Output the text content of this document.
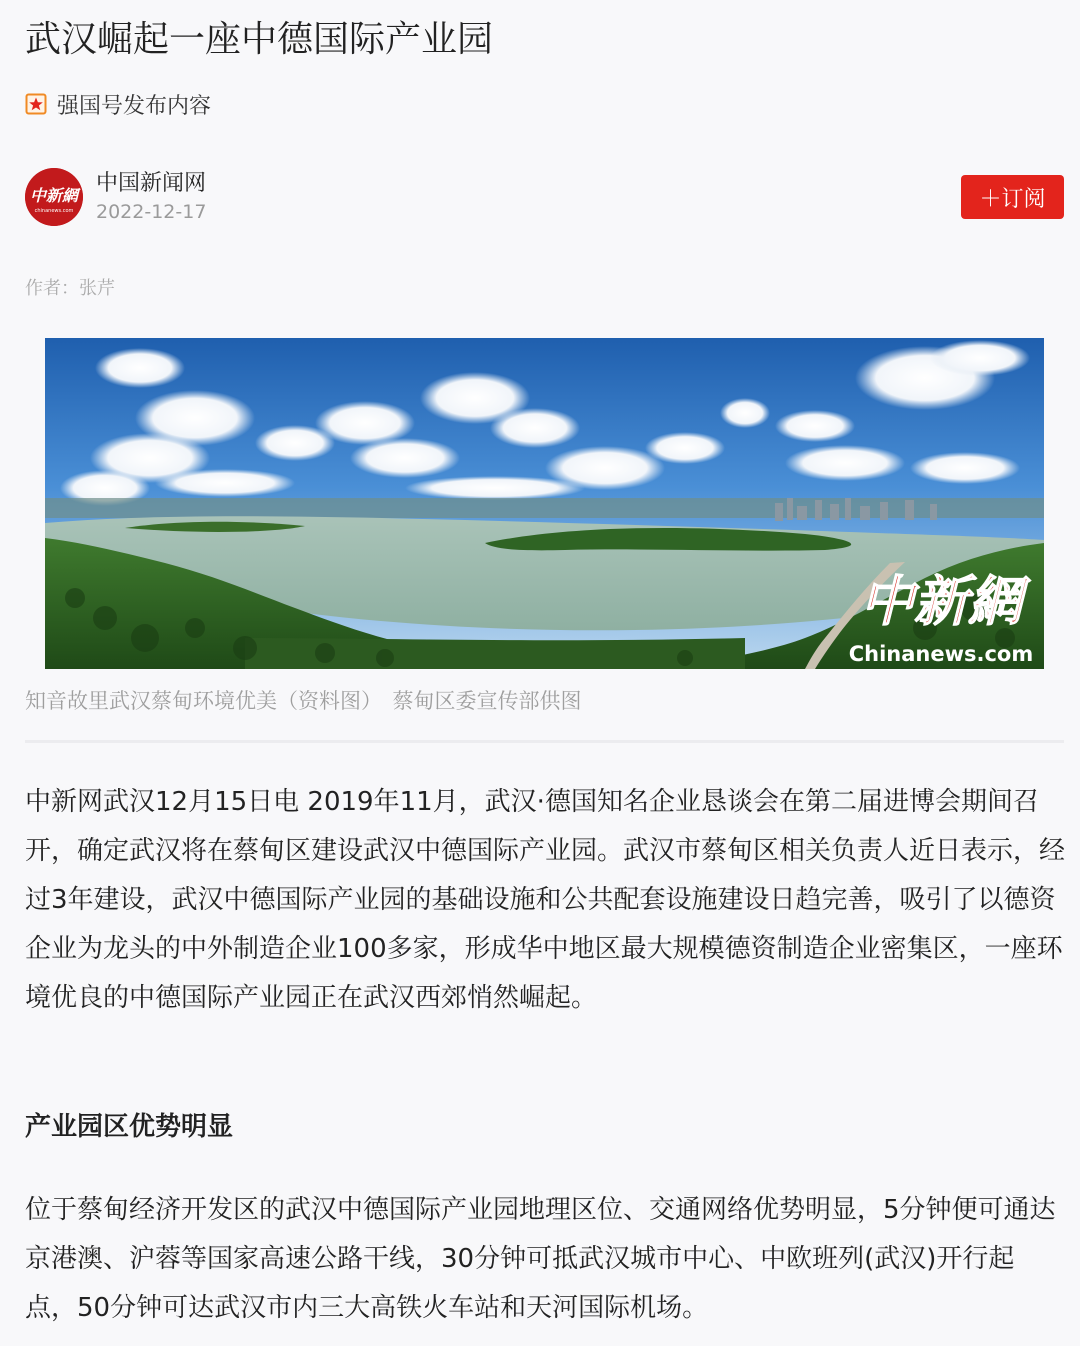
武汉崛起一座中德国际产业园
强国号发布内容
中新網
chinanews.com
中国新闻网
2022-12-17
＋订阅
作者：张芹
中新網
Chinanews.com
知音故里武汉蔡甸环境优美（资料图）　蔡甸区委宣传部供图

中新网武汉12月15日电 2019年11月，武汉·德国知名企业恳谈会在第二届进博会期间召开，确定武汉将在蔡甸区建设武汉中德国际产业园。武汉市蔡甸区相关负责人近日表示，经过3年建设，武汉中德国际产业园的基础设施和公共配套设施建设日趋完善，吸引了以德资企业为龙头的中外制造企业100多家，形成华中地区最大规模德资制造企业密集区，一座环境优良的中德国际产业园正在武汉西郊悄然崛起。

产业园区优势明显

位于蔡甸经济开发区的武汉中德国际产业园地理区位、交通网络优势明显，5分钟便可通达京港澳、沪蓉等国家高速公路干线，30分钟可抵武汉城市中心、中欧班列(武汉)开行起点，50分钟可达武汉市内三大高铁火车站和天河国际机场。
